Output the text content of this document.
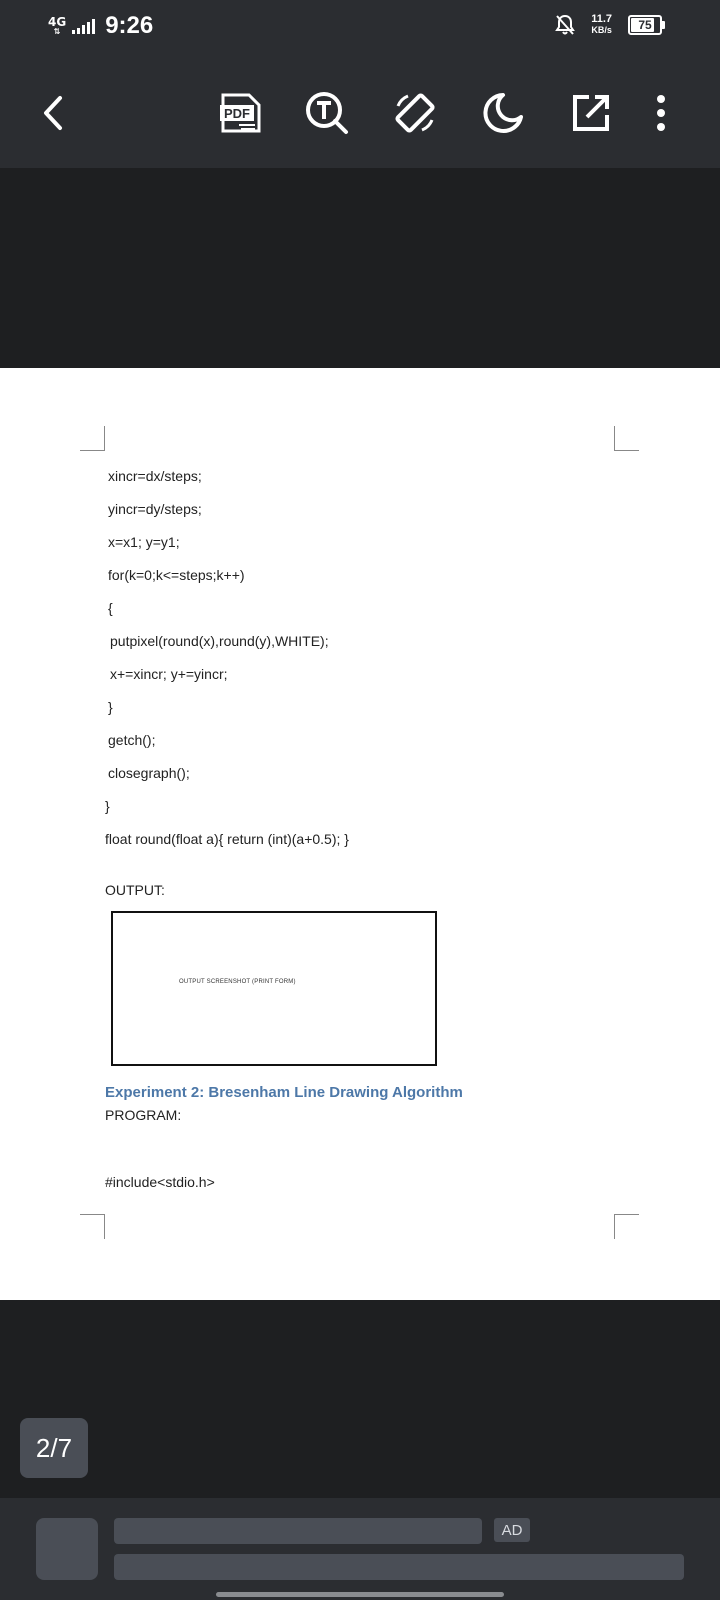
4G
⇅ 9:26	11.7
KB/s 75
PDF
xincr=dx/steps;
yincr=dy/steps;
x=x1; y=y1;
for(k=0;k<=steps;k++)
{
putpixel(round(x),round(y),WHITE);
x+=xincr; y+=yincr;
}
getch();
closegraph();
}
float round(float a){ return (int)(a+0.5); }
OUTPUT:
OUTPUT SCREENSHOT (PRINT FORM)
Experiment 2: Bresenham Line Drawing Algorithm
PROGRAM:
#include<stdio.h>
2/7
AD
